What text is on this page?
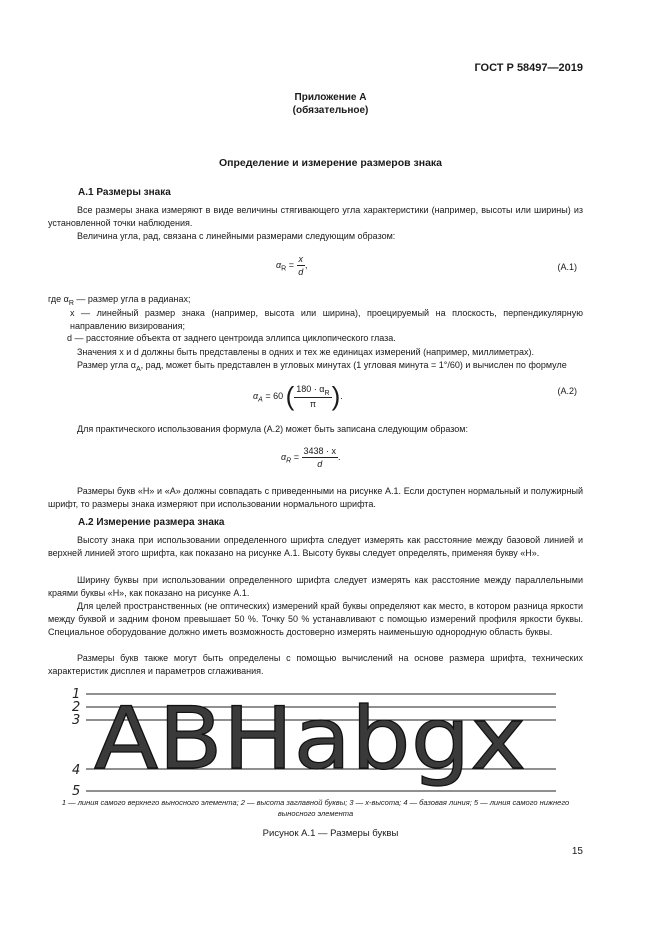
ГОСТ Р 58497—2019
Приложение А
(обязательное)
Определение и измерение размеров знака
А.1 Размеры знака
Все размеры знака измеряют в виде величины стягивающего угла характеристики (например, высоты или ширины) из установленной точки наблюдения.
Величина угла, рад, связана с линейными размерами следующим образом:
$\alpha_R = \frac{x}{d}$ ,	(А.1)
где $\alpha_R$ — размер угла в радианах;
x — линейный размер знака (например, высота или ширина), проецируемый на плоскость, перпендикулярную направлению визирования;
d — расстояние объекта от заднего центроида эллипса циклопического глаза.
Значения x и d должны быть представлены в одних и тех же единицах измерений (например, миллиметрах).
Размер угла $\alpha_A$, рад, может быть представлен в угловых минутах (1 угловая минута = 1°/60) и вычислен по формуле
$\alpha_A = 60$ ( $\frac{180 \cdot \alpha_R}{\pi}$ ).	(А.2)
Для практического использования формула (А.2) может быть записана следующим образом:
$\alpha_R = \frac{3438 \cdot x}{d}$ .
Размеры букв «H» и «A» должны совпадать с приведенными на рисунке А.1. Если доступен нормальный и полужирный шрифт, то размеры знака измеряют при использовании нормального шрифта.
А.2 Измерение размера знака
Высоту знака при использовании определенного шрифта следует измерять как расстояние между базовой линией и верхней линией этого шрифта, как показано на рисунке А.1. Высоту буквы следует определять, применяя букву «H».
Ширину буквы при использовании определенного шрифта следует измерять как расстояние между параллельными краями буквы «H», как показано на рисунке А.1.
Для целей пространственных (не оптических) измерений край буквы определяют как место, в котором разница яркости между буквой и задним фоном превышает 50 %. Точку 50 % устанавливают с помощью измерений профиля яркости буквы. Специальное оборудование должно иметь возможность достоверно измерять наименьшую однородную область буквы.
Размеры букв также могут быть определены с помощью вычислений на основе размера шрифта, технических характеристик дисплея и параметров сглаживания.
1
2
3
4
5
ABHabgx
1 — линия самого верхнего выносного элемента; 2 — высота заглавной буквы; 3 — x-высота; 4 — базовая линия; 5 — линия самого нижнего выносного элемента
Рисунок А.1 — Размеры буквы
15
